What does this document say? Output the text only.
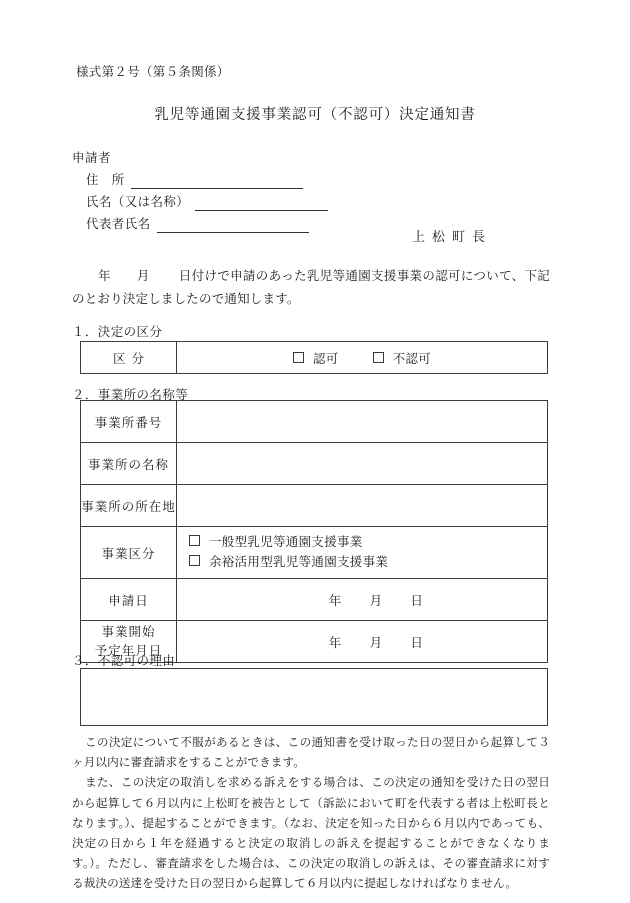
様式第２号（第５条関係）
乳児等通園支援事業認可（不認可）決定通知書
申請者
住　所
氏名（又は名称）
代表者氏名
上松町長
年 月 日付けで申請のあった乳児等通園支援事業の認可について、下記のとおり決定しましたので通知します。
１．決定の区分
区分	認可	不認可
２．事業所の名称等
事業所番号	
事業所の名称	
事業所の所在地	
事業区分	一般型乳児等通園支援事業
余裕活用型乳児等通園支援事業

申請日	年 月 日

事業開始
予定年月日	年 月 日
３．不認可の理由

この決定について不服があるときは、この通知書を受け取った日の翌日から起算して３ヶ月以内に審査請求をすることができます。

また、この決定の取消しを求める訴えをする場合は、この決定の通知を受けた日の翌日から起算して６月以内に上松町を被告として（訴訟において町を代表する者は上松町長となります。）、提起することができます。（なお、決定を知った日から６月以内であっても、決定の日から１年を経過すると決定の取消しの訴えを提起することができなくなります。）。ただし、審査請求をした場合は、この決定の取消しの訴えは、その審査請求に対する裁決の送達を受けた日の翌日から起算して６月以内に提起しなければなりません。
